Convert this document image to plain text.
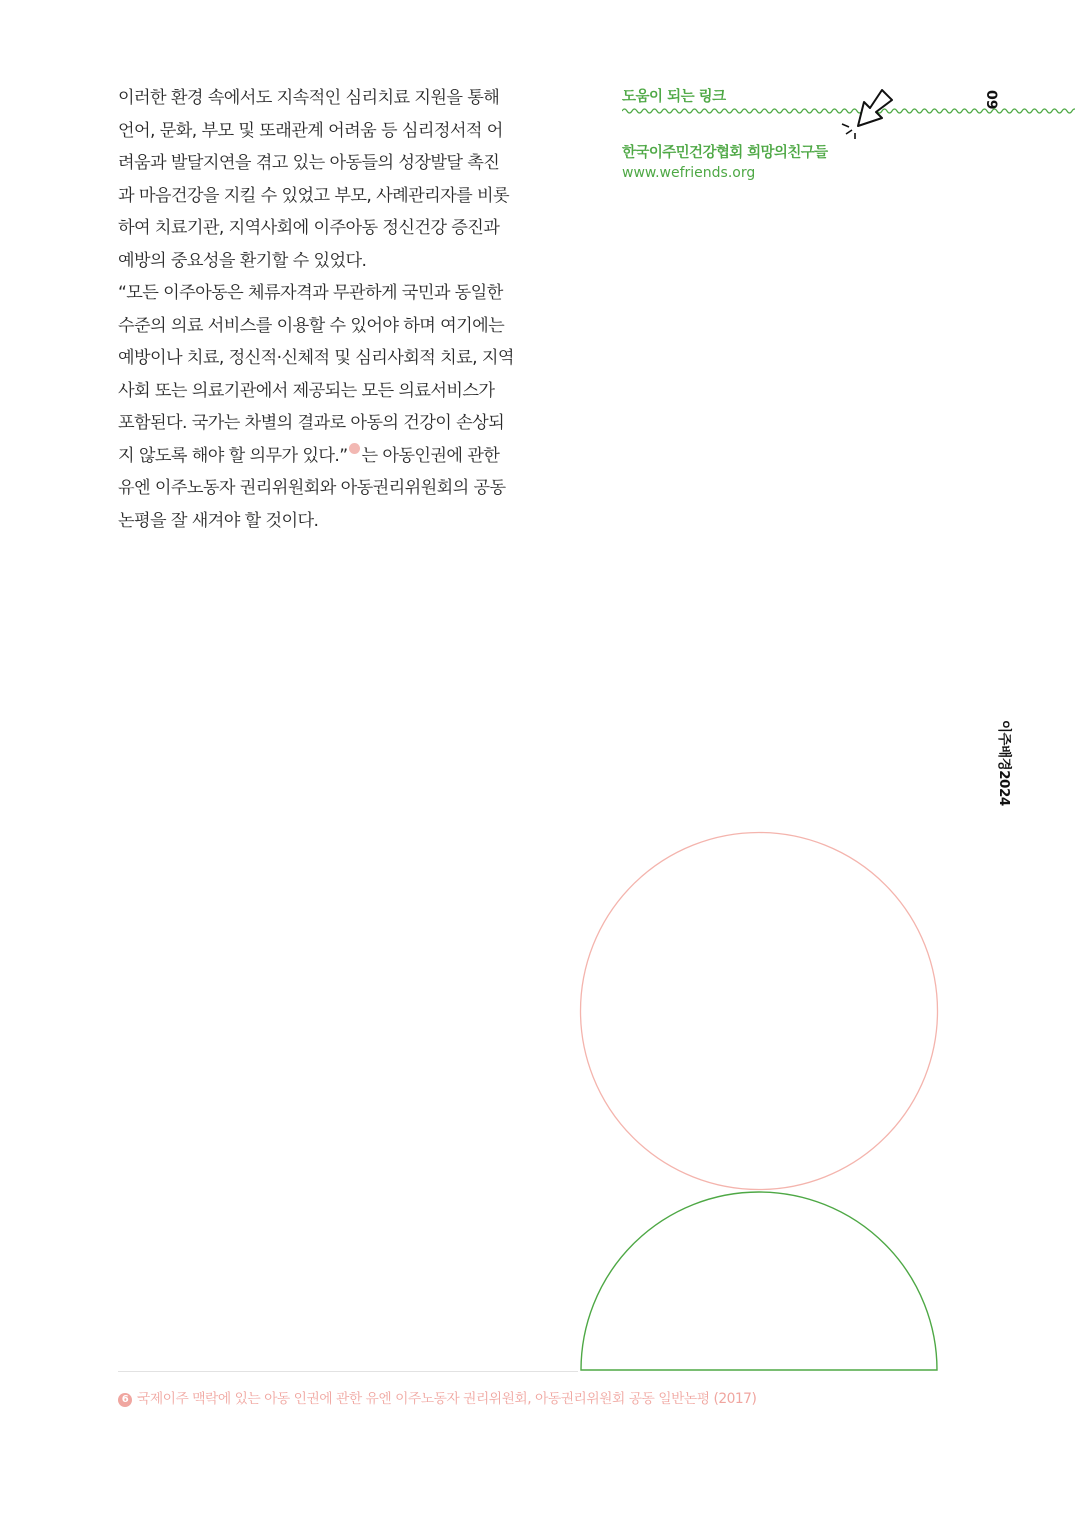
이러한 환경 속에서도 지속적인 심리치료 지원을 통해 언어, 문화, 부모 및 또래관계 어려움 등 심리정서적 어려움과 발달지연을 겪고 있는 아동들의 성장발달 촉진과 마음건강을 지킬 수 있었고 부모, 사례관리자를 비롯하여 치료기관, 지역사회에 이주아동 정신건강 증진과 예방의 중요성을 환기할 수 있었다.

“모든 이주아동은 체류자격과 무관하게 국민과 동일한 수준의 의료 서비스를 이용할 수 있어야 하며 여기에는 예방이나 치료, 정신적·신체적 및 심리사회적 치료, 지역사회 또는 의료기관에서 제공되는 모든 의료서비스가 포함된다. 국가는 차별의 결과로 아동의 건강이 손상되지 않도록 해야 할 의무가 있다.” 는 아동인권에 관한 유엔 이주노동자 권리위원회와 아동권리위원회의 공동논평을 잘 새겨야 할 것이다.

도움이 되는 링크	09
한국이주민건강협회 희망의친구들
www.wefriends.org
이주배경2024
6 국제이주 맥락에 있는 아동 인권에 관한 유엔 이주노동자 권리위원회, 아동권리위원회 공동 일반논평 (2017)
